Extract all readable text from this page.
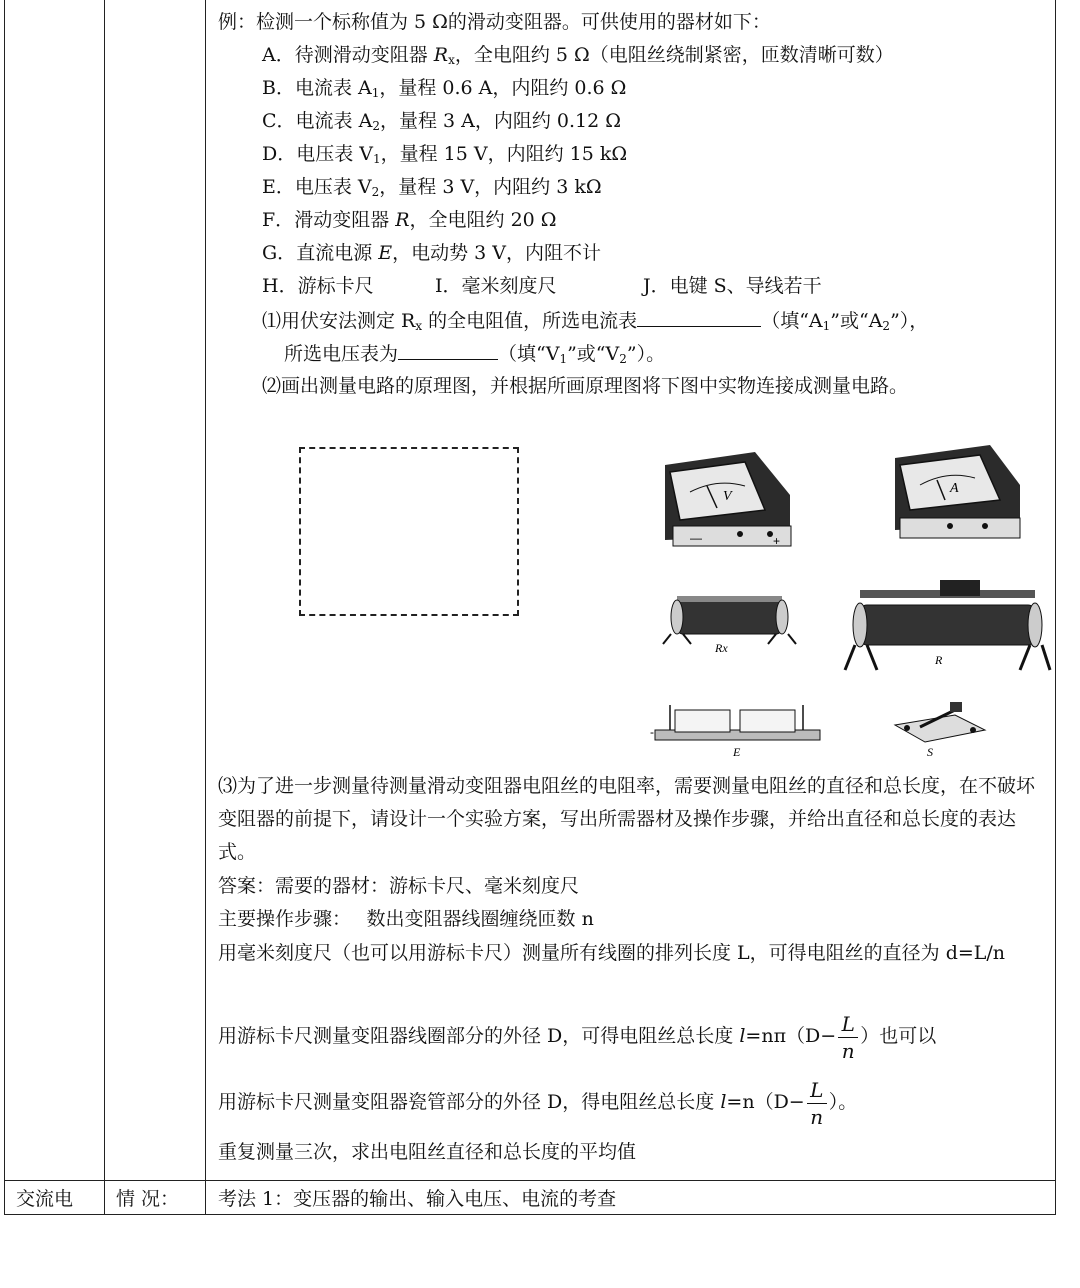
例：检测一个标称值为 5 Ω的滑动变阻器。可供使用的器材如下：
A．待测滑动变阻器 $R_x$，全电阻约 5 Ω（电阻丝绕制紧密，匝数清晰可数）
B．电流表 $A_1$，量程 0.6 A，内阻约 0.6 Ω
C．电流表 $A_2$，量程 3 A，内阻约 0.12 Ω
D．电压表 $V_1$，量程 15 V，内阻约 15 kΩ
E．电压表 $V_2$，量程 3 V，内阻约 3 kΩ
F．滑动变阻器 R，全电阻约 20 Ω
G．直流电源 E，电动势 3 V，内阻不计
H．游标卡尺	I．毫米刻度尺	J．电键 S、导线若干
⑴用伏安法测定 $R_x$ 的全电阻值，所选电流表	（填“$A_1$”或“$A_2$”），
所选电压表为	（填“$V_1$”或“$V_2$”）。
⑵画出测量电路的原理图，并根据所画原理图将下图中实物连接成测量电路。
V
—	+
A
Rx
R
-
E	S
⑶为了进一步测量待测量滑动变阻器电阻丝的电阻率，需要测量电阻丝的直径和总长度，在不破坏变阻器的前提下，请设计一个实验方案，写出所需器材及操作步骤，并给出直径和总长度的表达式。
答案：需要的器材：游标卡尺、毫米刻度尺
主要操作步骤：　 数出变阻器线圈缠绕匝数 n
用毫米刻度尺（也可以用游标卡尺）测量所有线圈的排列长度 L，可得电阻丝的直径为 d=L/n
用游标卡尺测量变阻器线圈部分的外径 D，可得电阻丝总长度 $l=n\pi(D- \frac{L}{n}$ ）也可以
用游标卡尺测量变阻器瓷管部分的外径 D，得电阻丝总长度 $l=n(D- \frac{L}{n}$ ）。
重复测量三次，求出电阻丝直径和总长度的平均值
交流电 情 况： 考法 1：变压器的输出、输入电压、电流的考查
